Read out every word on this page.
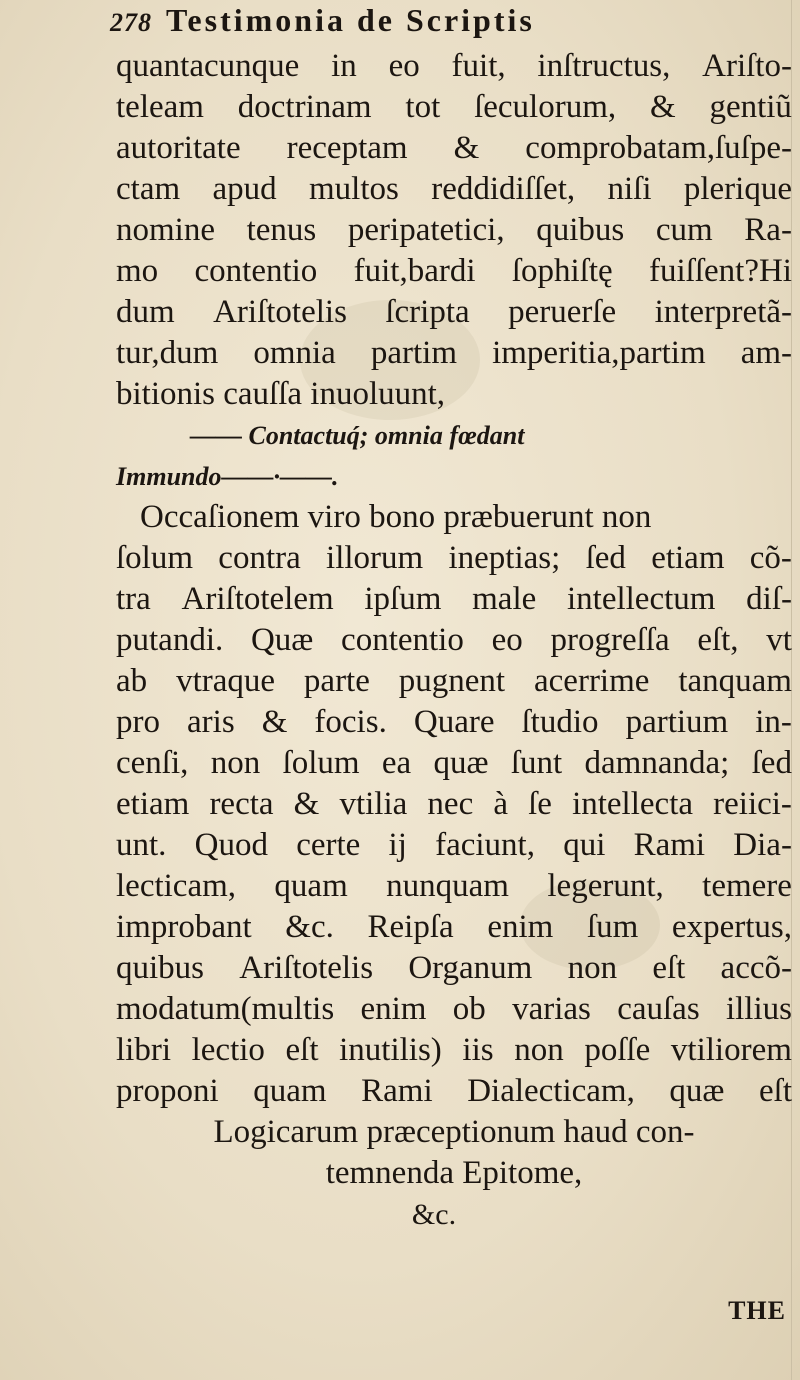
278 Testimonia de Scriptis
quantacunque in eo fuit, inſtructus, Ariſto-
teleam doctrinam tot ſeculorum, & gentiũ
autoritate receptam & comprobatam,ſuſpe-
ctam apud multos reddidiſſet, niſi plerique
nomine tenus peripatetici, quibus cum Ra-
mo contentio fuit,bardi ſophiſtę fuiſſent?Hi
dum Ariſtotelis ſcripta peruerſe interpretã-
tur,dum omnia partim imperitia,partim am-
bitionis cauſſa inuoluunt,
—— Contactuq́; omnia fœdant
Immundo——·——.
Occaſionem viro bono præbuerunt non
ſolum contra illorum ineptias; ſed etiam cõ-
tra Ariſtotelem ipſum male intellectum diſ-
putandi. Quæ contentio eo progreſſa eſt, vt
ab vtraque parte pugnent acerrime tanquam
pro aris & focis. Quare ſtudio partium in-
cenſi, non ſolum ea quæ ſunt damnanda; ſed
etiam recta & vtilia nec à ſe intellecta reiici-
unt. Quod certe ij faciunt, qui Rami Dia-
lecticam, quam nunquam legerunt, temere
improbant &c. Reipſa enim ſum expertus,
quibus Ariſtotelis Organum non eſt accõ-
modatum(multis enim ob varias cauſas illius
libri lectio eſt inutilis) iis non poſſe vtiliorem
proponi quam Rami Dialecticam, quæ eſt
Logicarum præceptionum haud con-
temnenda Epitome,
&c.
THE
